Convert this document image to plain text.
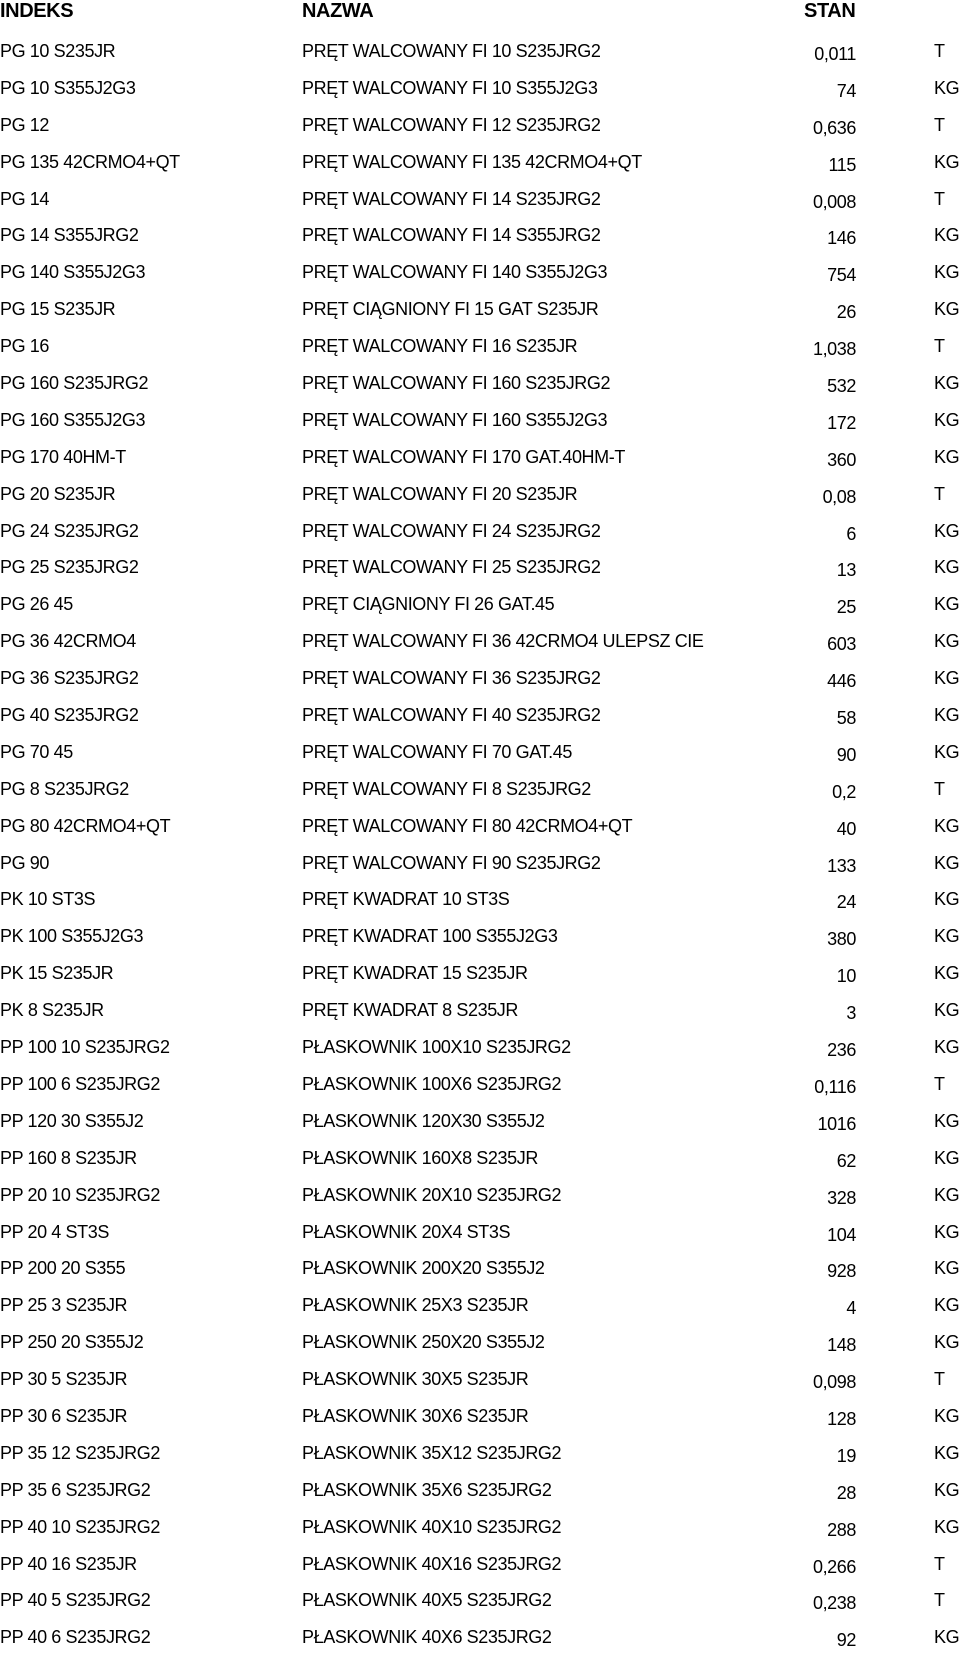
INDEKS	NAZWA	STAN
PG 10 S235JR	PRĘT WALCOWANY FI 10 S235JRG2	0,011	T
PG 10 S355J2G3	PRĘT WALCOWANY FI 10 S355J2G3	74	KG
PG 12	PRĘT WALCOWANY FI 12 S235JRG2	0,636	T
PG 135 42CRMO4+QT	PRĘT WALCOWANY FI 135 42CRMO4+QT	115	KG
PG 14	PRĘT WALCOWANY FI 14 S235JRG2	0,008	T
PG 14 S355JRG2	PRĘT WALCOWANY FI 14 S355JRG2	146	KG
PG 140 S355J2G3	PRĘT WALCOWANY FI 140 S355J2G3	754	KG
PG 15 S235JR	PRĘT CIĄGNIONY FI 15 GAT S235JR	26	KG
PG 16	PRĘT WALCOWANY FI 16 S235JR	1,038	T
PG 160 S235JRG2	PRĘT WALCOWANY FI 160 S235JRG2	532	KG
PG 160 S355J2G3	PRĘT WALCOWANY FI 160 S355J2G3	172	KG
PG 170 40HM-T	PRĘT WALCOWANY FI 170 GAT.40HM-T	360	KG
PG 20 S235JR	PRĘT WALCOWANY FI 20 S235JR	0,08	T
PG 24 S235JRG2	PRĘT WALCOWANY FI 24 S235JRG2	6	KG
PG 25 S235JRG2	PRĘT WALCOWANY FI 25 S235JRG2	13	KG
PG 26 45	PRĘT CIĄGNIONY FI 26 GAT.45	25	KG
PG 36 42CRMO4	PRĘT WALCOWANY FI 36 42CRMO4 ULEPSZ CIE	603	KG
PG 36 S235JRG2	PRĘT WALCOWANY FI 36 S235JRG2	446	KG
PG 40 S235JRG2	PRĘT WALCOWANY FI 40 S235JRG2	58	KG
PG 70 45	PRĘT WALCOWANY FI 70 GAT.45	90	KG
PG 8 S235JRG2	PRĘT WALCOWANY FI 8 S235JRG2	0,2	T
PG 80 42CRMO4+QT	PRĘT WALCOWANY FI 80 42CRMO4+QT	40	KG
PG 90	PRĘT WALCOWANY FI 90 S235JRG2	133	KG
PK 10 ST3S	PRĘT KWADRAT 10 ST3S	24	KG
PK 100 S355J2G3	PRĘT KWADRAT 100 S355J2G3	380	KG
PK 15 S235JR	PRĘT KWADRAT 15 S235JR	10	KG
PK 8 S235JR	PRĘT KWADRAT 8 S235JR	3	KG
PP 100 10 S235JRG2	PŁASKOWNIK 100X10 S235JRG2	236	KG
PP 100 6 S235JRG2	PŁASKOWNIK 100X6 S235JRG2	0,116	T
PP 120 30 S355J2	PŁASKOWNIK 120X30 S355J2	1016	KG
PP 160 8 S235JR	PŁASKOWNIK 160X8 S235JR	62	KG
PP 20 10 S235JRG2	PŁASKOWNIK 20X10 S235JRG2	328	KG
PP 20 4 ST3S	PŁASKOWNIK 20X4 ST3S	104	KG
PP 200 20 S355	PŁASKOWNIK 200X20 S355J2	928	KG
PP 25 3 S235JR	PŁASKOWNIK 25X3 S235JR	4	KG
PP 250 20 S355J2	PŁASKOWNIK 250X20 S355J2	148	KG
PP 30 5 S235JR	PŁASKOWNIK 30X5 S235JR	0,098	T
PP 30 6 S235JR	PŁASKOWNIK 30X6 S235JR	128	KG
PP 35 12 S235JRG2	PŁASKOWNIK 35X12 S235JRG2	19	KG
PP 35 6 S235JRG2	PŁASKOWNIK 35X6 S235JRG2	28	KG
PP 40 10 S235JRG2	PŁASKOWNIK 40X10 S235JRG2	288	KG
PP 40 16 S235JR	PŁASKOWNIK 40X16 S235JRG2	0,266	T
PP 40 5 S235JRG2	PŁASKOWNIK 40X5 S235JRG2	0,238	T
PP 40 6 S235JRG2	PŁASKOWNIK 40X6 S235JRG2	92	KG
